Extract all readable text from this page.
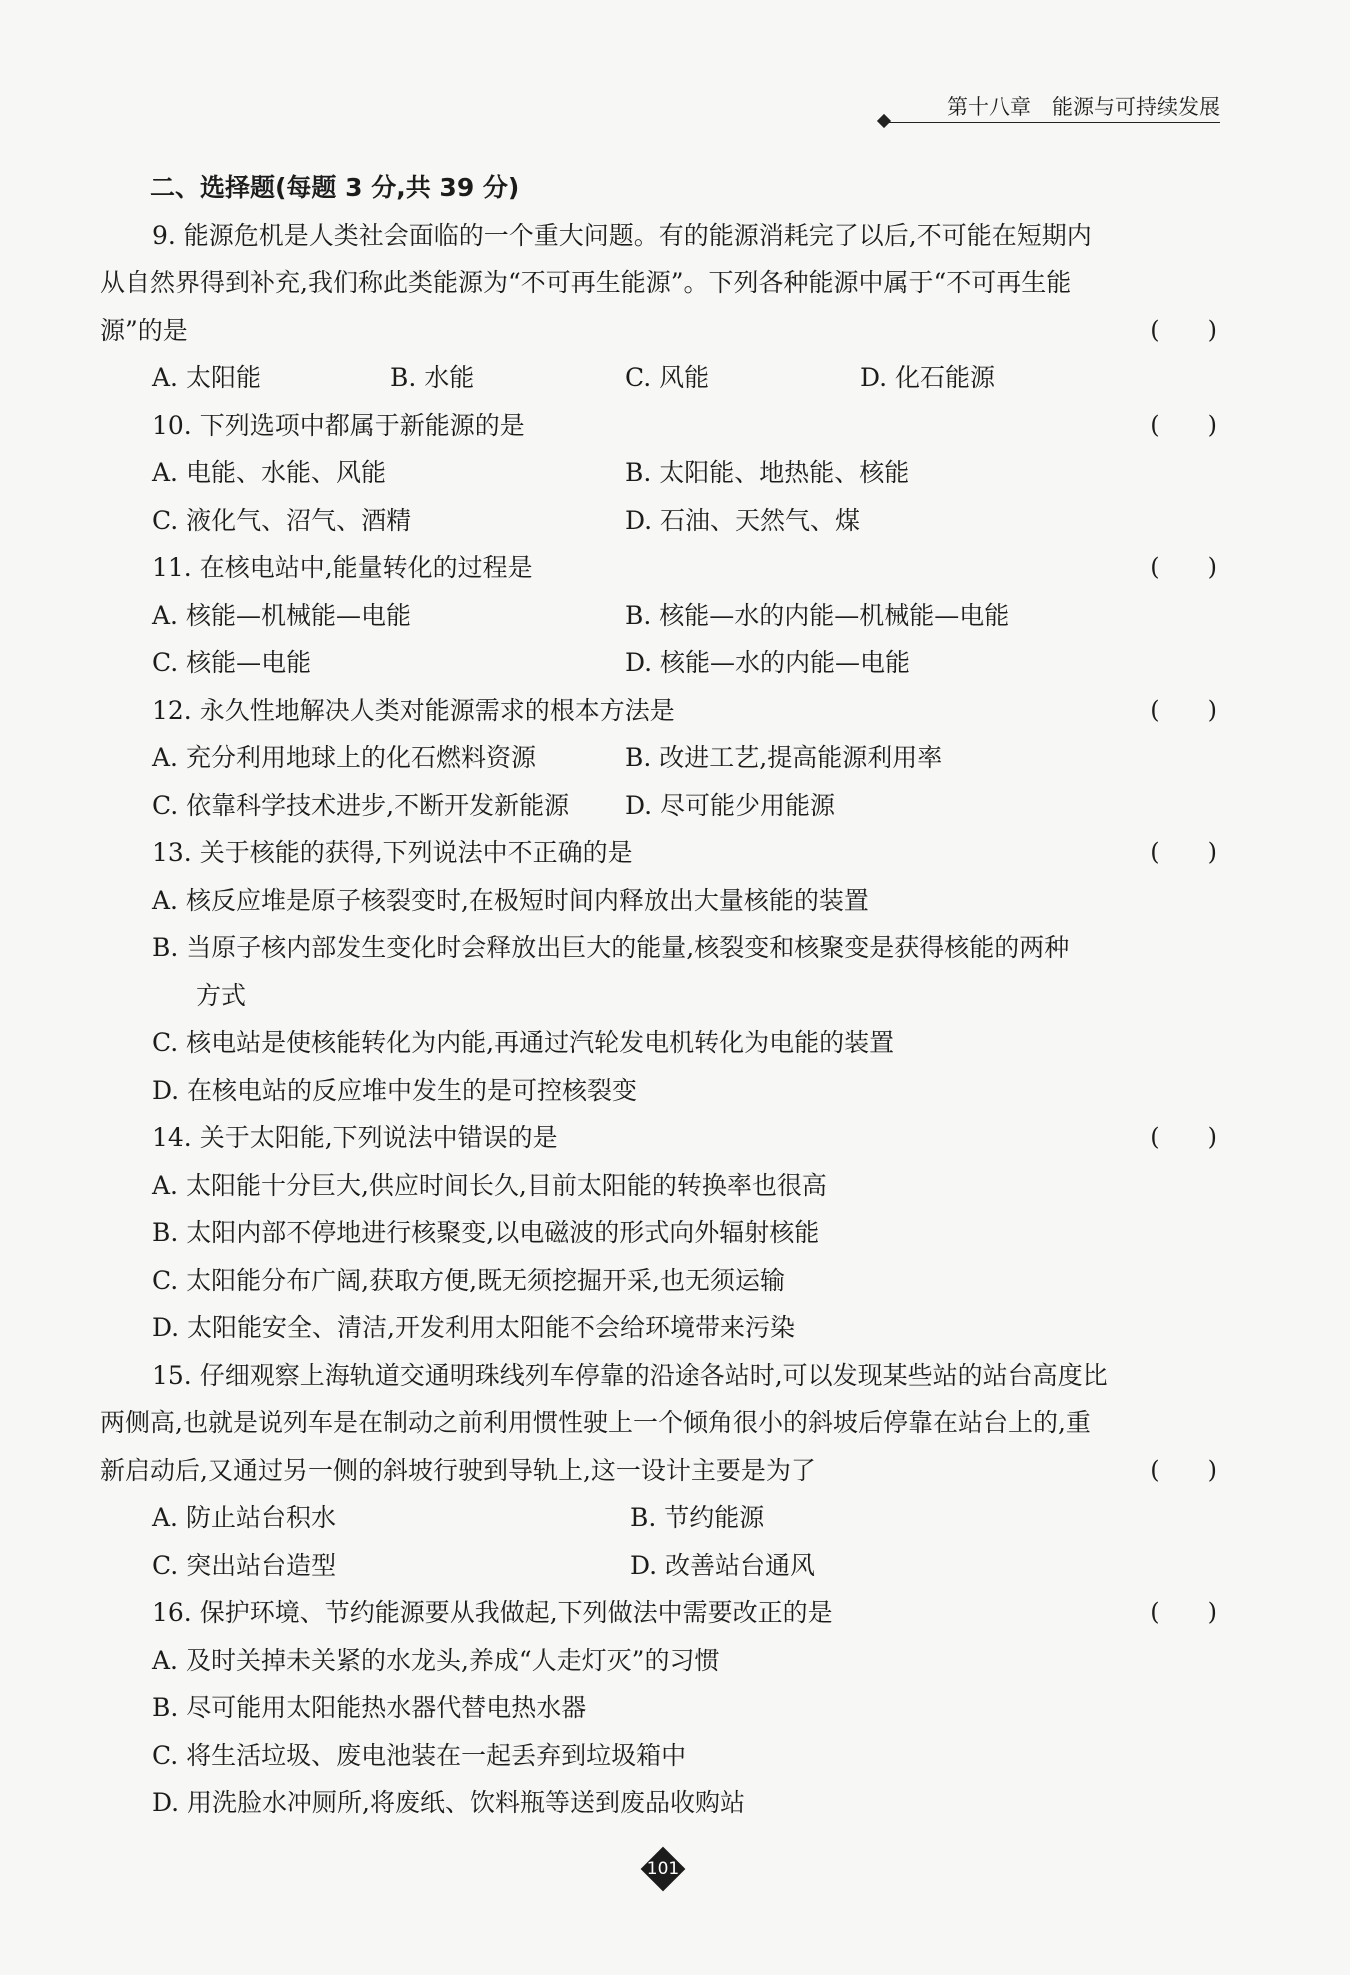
第十八章　能源与可持续发展
二、选择题(每题 3 分,共 39 分)
9. 能源危机是人类社会面临的一个重大问题。有的能源消耗完了以后,不可能在短期内
从自然界得到补充,我们称此类能源为“不可再生能源”。下列各种能源中属于“不可再生能
源”的是	(　　)
A. 太阳能	B. 水能	C. 风能	D. 化石能源
10. 下列选项中都属于新能源的是	(　　)
A. 电能、水能、风能	B. 太阳能、地热能、核能
C. 液化气、沼气、酒精	D. 石油、天然气、煤
11. 在核电站中,能量转化的过程是	(　　)
A. 核能—机械能—电能	B. 核能—水的内能—机械能—电能
C. 核能—电能	D. 核能—水的内能—电能
12. 永久性地解决人类对能源需求的根本方法是	(　　)
A. 充分利用地球上的化石燃料资源	B. 改进工艺,提高能源利用率
C. 依靠科学技术进步,不断开发新能源 D. 尽可能少用能源
13. 关于核能的获得,下列说法中不正确的是	(　　)
A. 核反应堆是原子核裂变时,在极短时间内释放出大量核能的装置
B. 当原子核内部发生变化时会释放出巨大的能量,核裂变和核聚变是获得核能的两种
方式
C. 核电站是使核能转化为内能,再通过汽轮发电机转化为电能的装置
D. 在核电站的反应堆中发生的是可控核裂变
14. 关于太阳能,下列说法中错误的是	(　　)
A. 太阳能十分巨大,供应时间长久,目前太阳能的转换率也很高
B. 太阳内部不停地进行核聚变,以电磁波的形式向外辐射核能
C. 太阳能分布广阔,获取方便,既无须挖掘开采,也无须运输
D. 太阳能安全、清洁,开发利用太阳能不会给环境带来污染
15. 仔细观察上海轨道交通明珠线列车停靠的沿途各站时,可以发现某些站的站台高度比
两侧高,也就是说列车是在制动之前利用惯性驶上一个倾角很小的斜坡后停靠在站台上的,重
新启动后,又通过另一侧的斜坡行驶到导轨上,这一设计主要是为了	(　　)
A. 防止站台积水	B. 节约能源
C. 突出站台造型	D. 改善站台通风
16. 保护环境、节约能源要从我做起,下列做法中需要改正的是	(　　)
A. 及时关掉未关紧的水龙头,养成“人走灯灭”的习惯
B. 尽可能用太阳能热水器代替电热水器
C. 将生活垃圾、废电池装在一起丢弃到垃圾箱中
D. 用洗脸水冲厕所,将废纸、饮料瓶等送到废品收购站
101
